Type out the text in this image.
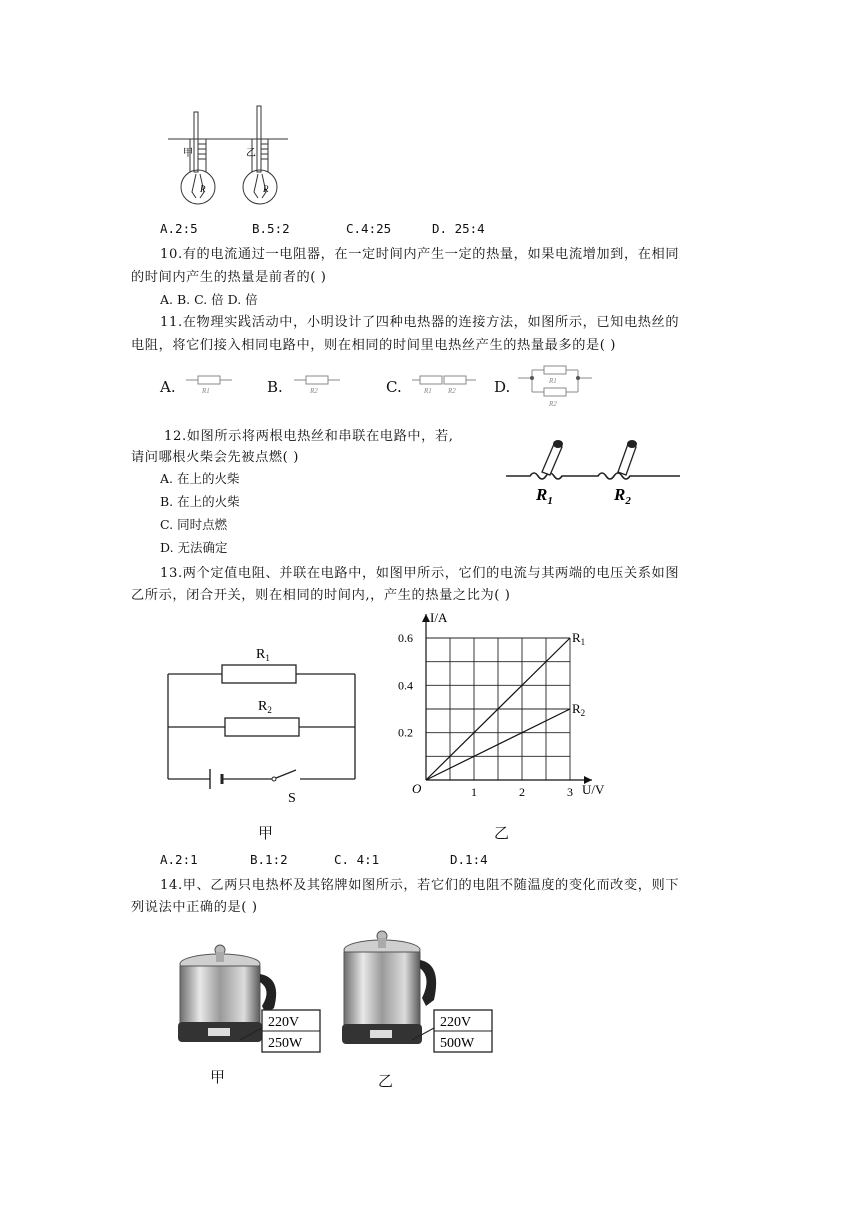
甲
R
乙
R
A.2:5	B.5:2	C.4:25	D. 25:4
10.有的电流通过一电阻器，在一定时间内产生一定的热量，如果电流增加到，在相同
的时间内产生的热量是前者的( )
A. B. C. 倍 D. 倍
11.在物理实践活动中，小明设计了四种电热器的连接方法，如图所示，已知电热丝的
电阻，将它们接入相同电路中，则在相同的时间里电热丝产生的热量最多的是( )
A.	R1	B.	R2	C.	R1 R2	D.	R1
R2
12.如图所示将两根电热丝和串联在电路中，若,
请问哪根火柴会先被点燃( )
A. 在上的火柴
B. 在上的火柴
C. 同时点燃
D. 无法确定
$R_1$	$R_2$
13.两个定值电阻、并联在电路中，如图甲所示，它们的电流与其两端的电压关系如图
乙所示，闭合开关，则在相同的时间内,，产生的热量之比为( )
$R_1$
$R_2$
S
甲
$R_1$
$R_2$
1	2	3
0.2
0.4
0.6
O	U/V
I/A
乙
A.2:1	B.1:2	C. 4:1	D.1:4
14.甲、乙两只电热杯及其铭牌如图所示，若它们的电阻不随温度的变化而改变，则下
列说法中正确的是( )
220V
250W
甲
220V
500W
乙
